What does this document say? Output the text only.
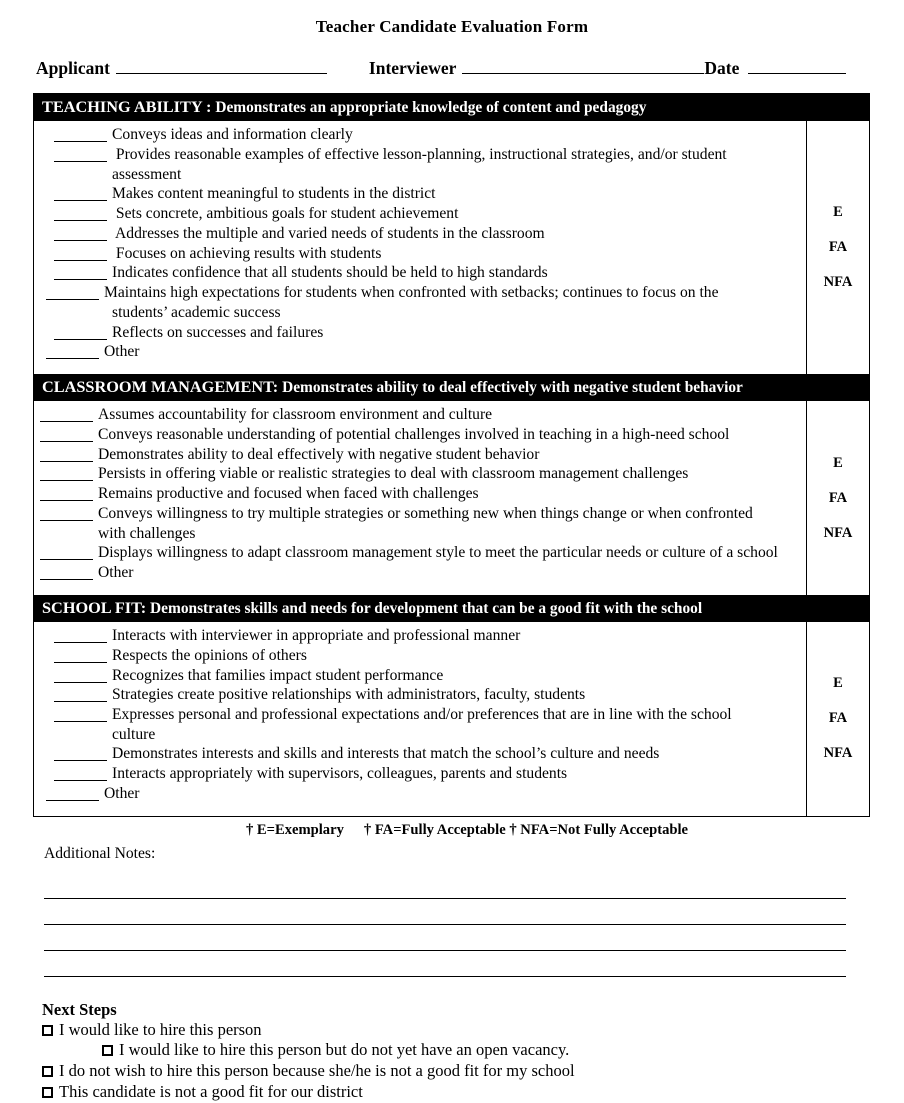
Teacher Candidate Evaluation Form
Applicant	Interviewer	Date
TEACHING ABILITY : Demonstrates an appropriate knowledge of content and pedagogy
Conveys ideas and information clearly
Provides reasonable examples of effective lesson-planning, instructional strategies, and/or student
assessment
Makes content meaningful to students in the district
Sets concrete, ambitious goals for student achievement
Addresses the multiple and varied needs of students in the classroom
Focuses on achieving results with students
Indicates confidence that all students should be held to high standards
Maintains high expectations for students when confronted with setbacks; continues to focus on the
students’ academic success
Reflects on successes and failures
Other
E
FA
NFA
CLASSROOM MANAGEMENT: Demonstrates ability to deal effectively with negative student behavior
Assumes accountability for classroom environment and culture
Conveys reasonable understanding of potential challenges involved in teaching in a high-need school
Demonstrates ability to deal effectively with negative student behavior
Persists in offering viable or realistic strategies to deal with classroom management challenges
Remains productive and focused when faced with challenges
Conveys willingness to try multiple strategies or something new when things change or when confronted
with challenges
Displays willingness to adapt classroom management style to meet the particular needs or culture of a school
Other
E
FA
NFA
SCHOOL FIT: Demonstrates skills and needs for development that can be a good fit with the school
Interacts with interviewer in appropriate and professional manner
Respects the opinions of others
Recognizes that families impact student performance
Strategies create positive relationships with administrators, faculty, students
Expresses personal and professional expectations and/or preferences that are in line with the school
culture
Demonstrates interests and skills and interests that match the school’s culture and needs
Interacts appropriately with supervisors, colleagues, parents and students
Other
E
FA
NFA
† E=Exemplary † FA=Fully Acceptable † NFA=Not Fully Acceptable
Additional Notes:
Next Steps
I would like to hire this person
I would like to hire this person but do not yet have an open vacancy.
I do not wish to hire this person because she/he is not a good fit for my school
This candidate is not a good fit for our district
